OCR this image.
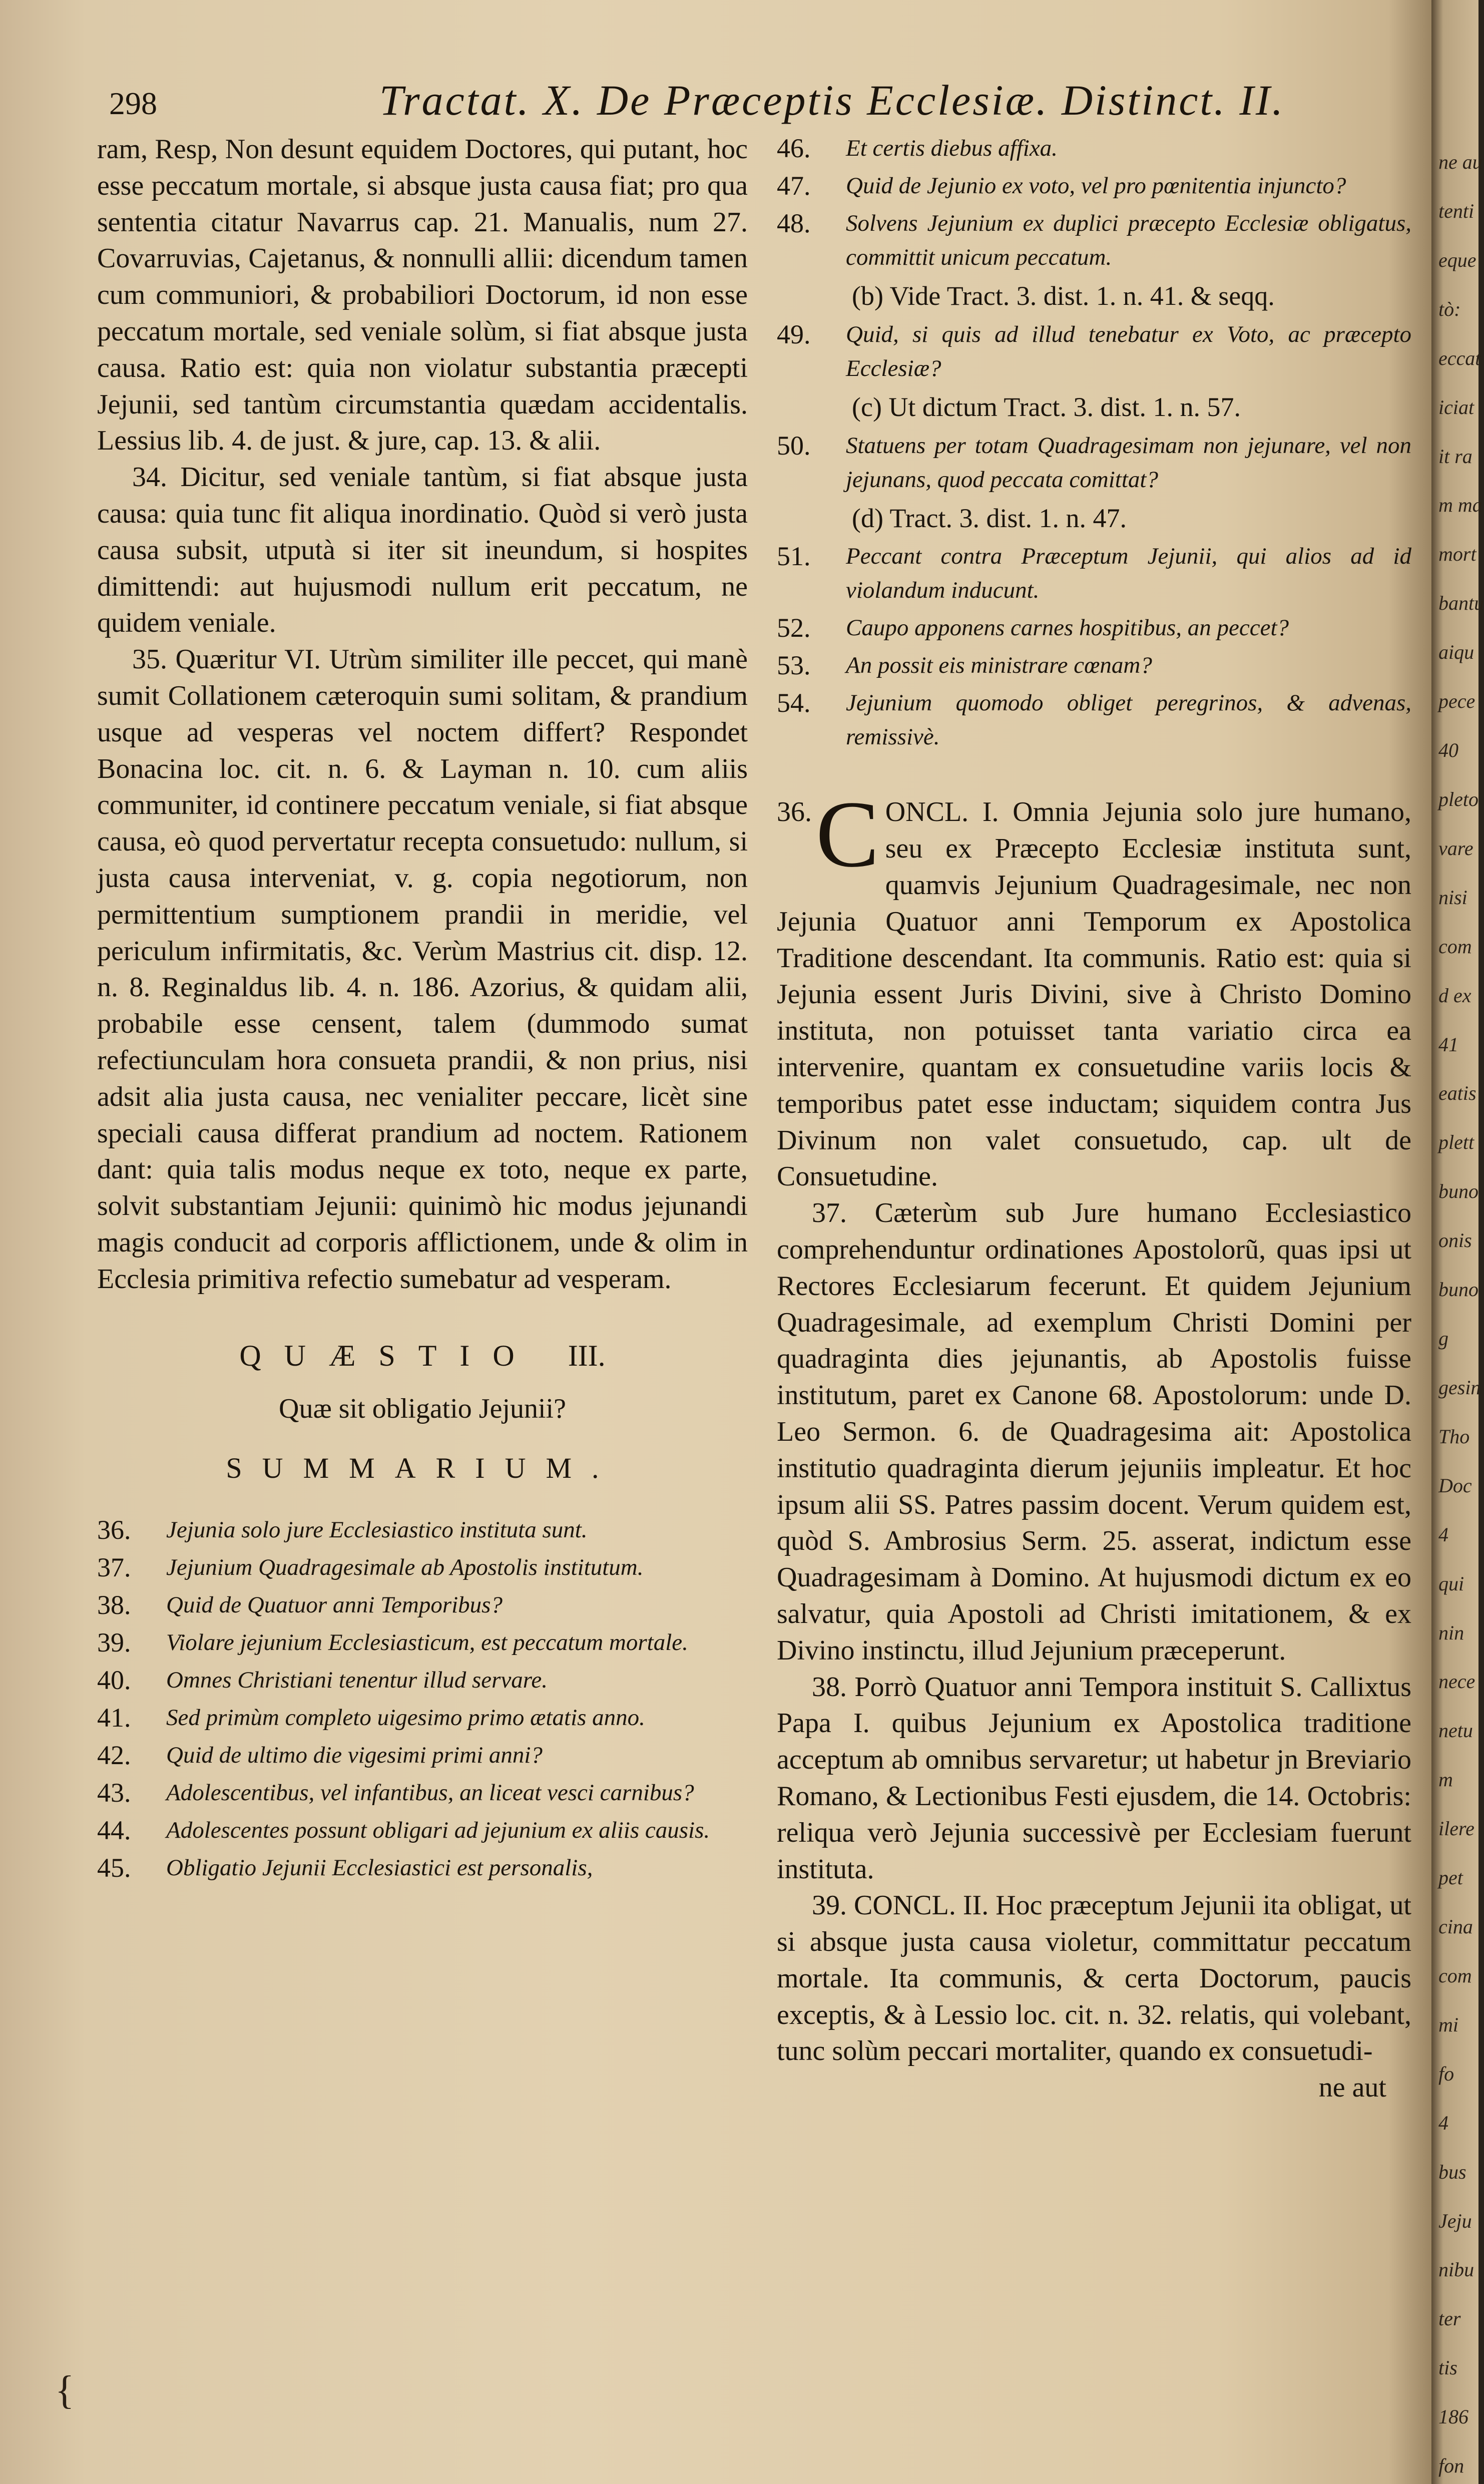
298	Tractat. X. De Præceptis Ecclesiæ. Distinct. II.

ram, Resp, Non desunt equidem Doctores, qui putant, hoc esse peccatum mortale, si absque justa causa fiat; pro qua sententia citatur Navarrus cap. 21. Manualis, num 27. Covarruvias, Cajetanus, & nonnulli allii: dicendum tamen cum communiori, & probabiliori Doctorum, id non esse peccatum mortale, sed veniale solùm, si fiat absque justa causa. Ratio est: quia non violatur substantia præcepti Jejunii, sed tantùm circumstantia quædam accidentalis. Lessius lib. 4. de just. & jure, cap. 13. & alii.

34. Dicitur, sed veniale tantùm, si fiat absque justa causa: quia tunc fit aliqua inordinatio. Quòd si verò justa causa subsit, utputà si iter sit ineundum, si hospites dimittendi: aut hujusmodi nullum erit peccatum, ne quidem veniale.

35. Quæritur VI. Utrùm similiter ille peccet, qui manè sumit Collationem cæteroquin sumi solitam, & prandium usque ad vesperas vel noctem differt? Respondet Bonacina loc. cit. n. 6. & Layman n. 10. cum aliis communiter, id continere peccatum veniale, si fiat absque causa, eò quod pervertatur recepta consuetudo: nullum, si justa causa interveniat, v. g. copia negotiorum, non permittentium sumptionem prandii in meridie, vel periculum infirmitatis, &c. Verùm Mastrius cit. disp. 12. n. 8. Reginaldus lib. 4. n. 186. Azorius, & quidam alii, probabile esse censent, talem (dummodo sumat refectiunculam hora consueta prandii, & non prius, nisi adsit alia justa causa, nec venialiter peccare, licèt sine speciali causa differat prandium ad noctem. Rationem dant: quia talis modus neque ex toto, neque ex parte, solvit substantiam Jejunii: quinimò hic modus jejunandi magis conducit ad corporis afflictionem, unde & olim in Ecclesia primitiva refectio sumebatur ad vesperam.

QUÆSTIO III.

Quæ sit obligatio Jejunii?

SUMMARIUM.

36.	Jejunia solo jure Ecclesiastico instituta sunt.
37.	Jejunium Quadragesimale ab Apostolis institutum.
38.	Quid de Quatuor anni Temporibus?
39.	Violare jejunium Ecclesiasticum, est peccatum mortale.
40.	Omnes Christiani tenentur illud servare.
41.	Sed primùm completo uigesimo primo ætatis anno.
42.	Quid de ultimo die vigesimi primi anni?
43.	Adolescentibus, vel infantibus, an liceat vesci carnibus?
44.	Adolescentes possunt obligari ad jejunium ex aliis causis.
45.	Obligatio Jejunii Ecclesiastici est personalis,
46.	Et certis diebus affixa.
47.	Quid de Jejunio ex voto, vel pro pœnitentia injuncto?
48.	Solvens Jejunium ex duplici præcepto Ecclesiæ obligatus, committit unicum peccatum.

(b) Vide Tract. 3. dist. 1. n. 41. & seqq.

49.	Quid, si quis ad illud tenebatur ex Voto, ac præcepto Ecclesiæ?

(c) Ut dictum Tract. 3. dist. 1. n. 57.

50.	Statuens per totam Quadragesimam non jejunare, vel non jejunans, quod peccata comittat?

(d) Tract. 3. dist. 1. n. 47.

51.	Peccant contra Præceptum Jejunii, qui alios ad id violandum inducunt.
52.	Caupo apponens carnes hospitibus, an peccet?
53.	An possit eis ministrare cœnam?
54.	Jejunium quomodo obliget peregrinos, & advenas, remissivè.

36. C ONCL. I. Omnia Jejunia solo jure humano, seu ex Præcepto Ecclesiæ instituta sunt, quamvis Jejunium Quadragesimale, nec non Jejunia Quatuor anni Temporum ex Apostolica Traditione descendant. Ita communis. Ratio est: quia si Jejunia essent Juris Divini, sive à Christo Domino instituta, non potuisset tanta variatio circa ea intervenire, quantam ex consuetudine variis locis & temporibus patet esse inductam; siquidem contra Jus Divinum non valet consuetudo, cap. ult de Consuetudine.

37. Cæterùm sub Jure humano Ecclesiastico comprehenduntur ordinationes Apostolorũ, quas ipsi ut Rectores Ecclesiarum fecerunt. Et quidem Jejunium Quadragesimale, ad exemplum Christi Domini per quadraginta dies jejunantis, ab Apostolis fuisse institutum, paret ex Canone 68. Apostolorum: unde D. Leo Sermon. 6. de Quadragesima ait: Apostolica institutio quadraginta dierum jejuniis impleatur. Et hoc ipsum alii SS. Patres passim docent. Verum quidem est, quòd S. Ambrosius Serm. 25. asserat, indictum esse Quadragesimam à Domino. At hujusmodi dictum ex eo salvatur, quia Apostoli ad Christi imitationem, & ex Divino instinctu, illud Jejunium præceperunt.

38. Porrò Quatuor anni Tempora instituit S. Callixtus Papa I. quibus Jejunium ex Apostolica traditione acceptum ab omnibus servaretur; ut habetur jn Breviario Romano, & Lectionibus Festi ejusdem, die 14. Octobris: reliqua verò Jejunia successivè per Ecclesiam fuerunt instituta.

39. CONCL. II. Hoc præceptum Jejunii ita obligat, ut si absque justa causa violetur, committatur peccatum mortale. Ita communis, & certa Doctorum, paucis exceptis, & à Lessio loc. cit. n. 32. relatis, qui volebant, tunc solùm peccari mortaliter, quando ex consuetudi-

ne aut

{
ne au
tenti
eque
tò:
eccat
iciat
it ra
m ma
mort
bantu
aiqu
pece
40
pleto
vare
nisi
com
d ex
41
eatis
plett
buno
onis
buno
g
gesin
Tho
Doc
4
qui
nin
nece
netu
m
ilere
pet
cina
com
mi
fo
4
bus
Jeju
nibu
ter
tis
186
fon
